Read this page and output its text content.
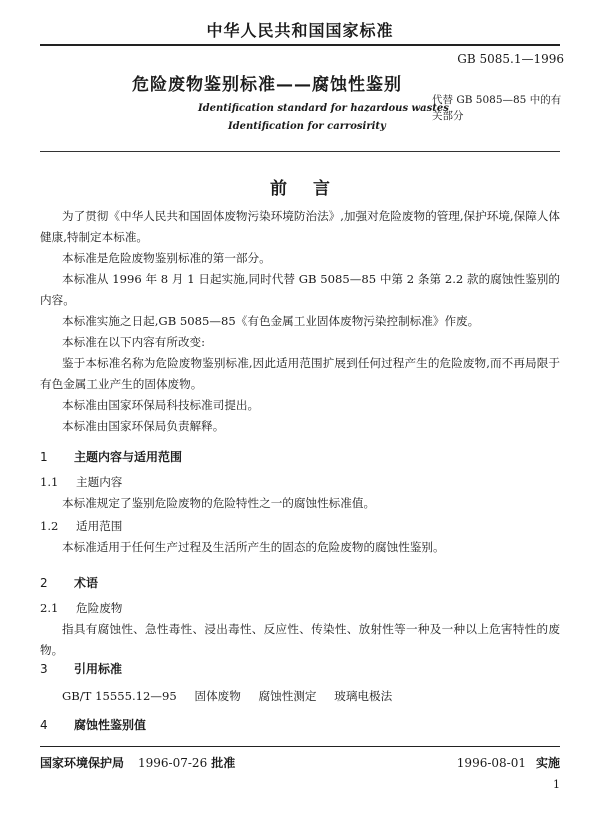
中华人民共和国国家标准
GB 5085.1—1996
危险废物鉴别标准——腐蚀性鉴别
Identification standard for hazardous wastes
Identification for carrosirity
代替 GB 5085—85 中的有关部分
前言
为了贯彻《中华人民共和国固体废物污染环境防治法》,加强对危险废物的管理,保护环境,保障人体健康,特制定本标准。
本标准是危险废物鉴别标准的第一部分。
本标准从 1996 年 8 月 1 日起实施,同时代替 GB 5085—85 中第 2 条第 2.2 款的腐蚀性鉴别的内容。
本标准实施之日起,GB 5085—85《有色金属工业固体废物污染控制标准》作废。
本标准在以下内容有所改变:
鉴于本标准名称为危险废物鉴别标准,因此适用范围扩展到任何过程产生的危险废物,而不再局限于有色金属工业产生的固体废物。
本标准由国家环保局科技标准司提出。
本标准由国家环保局负责解释。
1 主题内容与适用范围
1.1 主题内容
本标准规定了鉴别危险废物的危险特性之一的腐蚀性标准值。
1.2 适用范围
本标准适用于任何生产过程及生活所产生的固态的危险废物的腐蚀性鉴别。
2 术语
2.1 危险废物
指具有腐蚀性、急性毒性、浸出毒性、反应性、传染性、放射性等一种及一种以上危害特性的废物。
3 引用标准
GB/T 15555.12—95 固体废物 腐蚀性测定 玻璃电极法
4 腐蚀性鉴别值
国家环境保护局 1996-07-26 批准	1996-08-01 实施
1
